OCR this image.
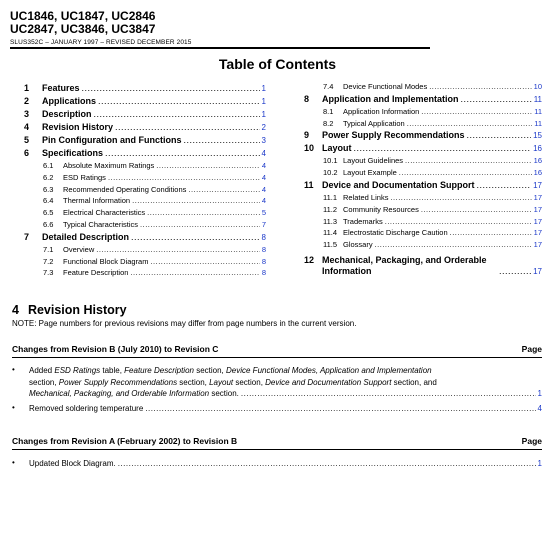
UC1846, UC1847, UC2846
UC2847, UC3846, UC3847
SLUS352C – JANUARY 1997 – REVISED DECEMBER 2015
Table of Contents
1	Features .....	1
2	Applications .....	1
3	Description .....	1
4	Revision History .....	2
5	Pin Configuration and Functions .....	3
6	Specifications .....	4
6.1	Absolute Maximum Ratings .....	4
6.2	ESD Ratings .....	4
6.3	Recommended Operating Conditions .....	4
6.4	Thermal Information .....	4
6.5	Electrical Characteristics .....	5
6.6	Typical Characteristics .....	7
7	Detailed Description .....	8
7.1	Overview .....	8
7.2	Functional Block Diagram .....	8
7.3	Feature Description .....	8
7.4	Device Functional Modes .....	10
8	Application and Implementation .....	11
8.1	Application Information .....	11
8.2	Typical Application .....	11
9	Power Supply Recommendations .....	15
10 Layout .....	16
10.1 Layout Guidelines .....	16
10.2 Layout Example .....	16
11 Device and Documentation Support .....	17
11.1 Related Links .....	17
11.2 Community Resources .....	17
11.3 Trademarks .....	17
11.4 Electrostatic Discharge Caution .....	17
11.5 Glossary .....	17
12 Mechanical, Packaging, and Orderable Information .....	17
4 Revision History
NOTE: Page numbers for previous revisions may differ from page numbers in the current version.
Changes from Revision B (July 2010) to Revision C	Page
• Added ESD Ratings table, Feature Description section, Device Functional Modes, Application and Implementation
section, Power Supply Recommendations section, Layout section, Device and Documentation Support section, and
Mechanical, Packaging, and Orderable Information section. .....	1
• Removed soldering temperature .....	4
Changes from Revision A (February 2002) to Revision B	Page
• Updated Block Diagram. .....	1
